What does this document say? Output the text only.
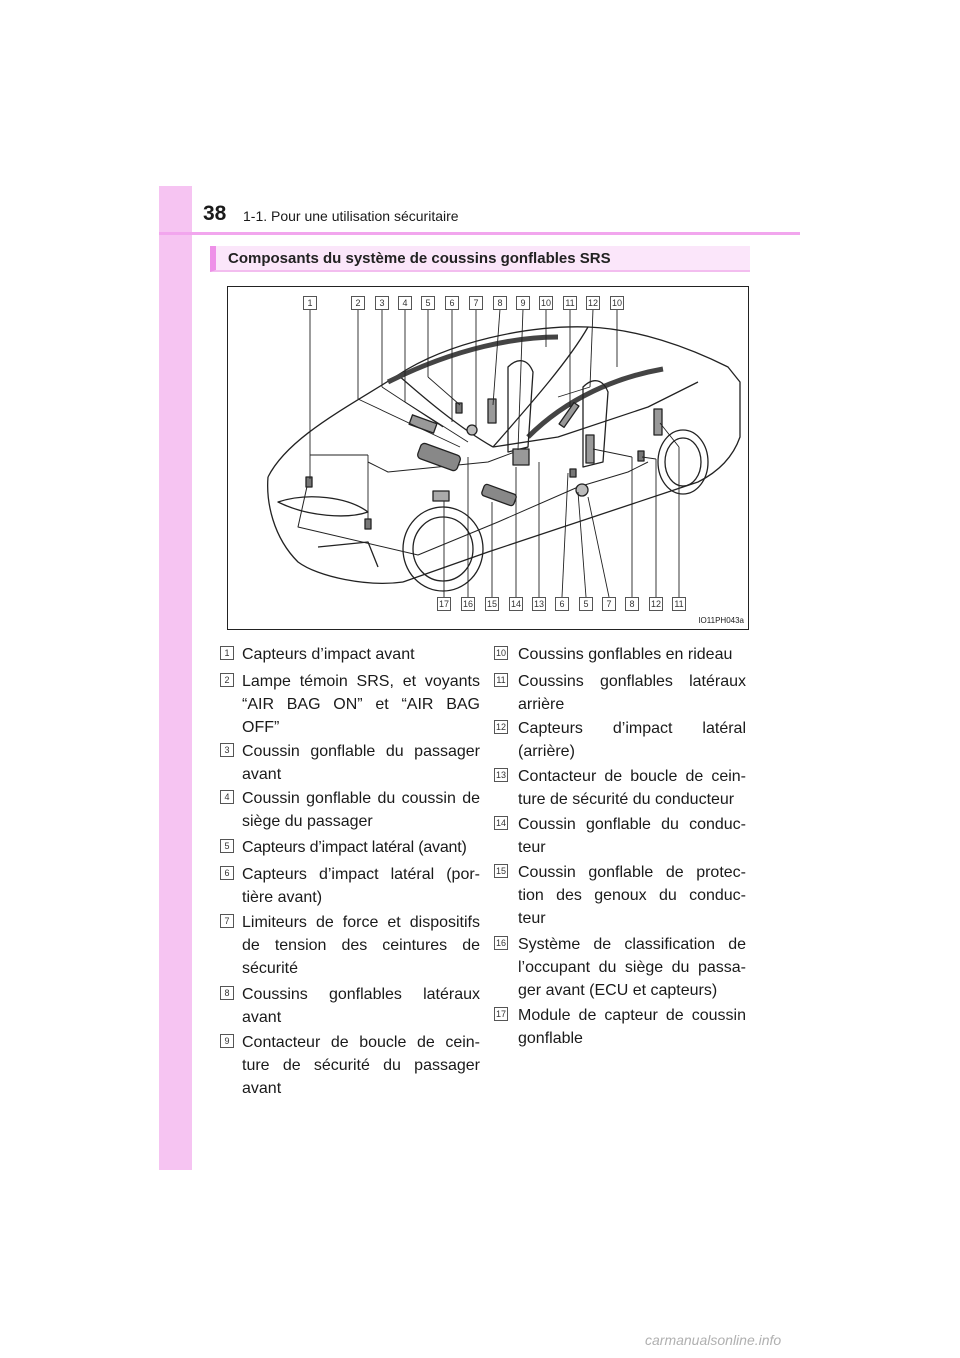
38 1-1. Pour une utilisation sécuritaire
Composants du système de coussins gonflables SRS
1	2	3	4	5	6	7	8	9	10 11 12 10
17 16 15 14 13	6	5	7	8	12 11
IO11PH043a
1 Capteurs d’impact avant
2 Lampe témoin SRS, et voyants “AIR BAG ON” et “AIR BAG OFF”
3 Coussin gonflable du passager avant
4 Coussin gonflable du coussin de siège du passager
5 Capteurs d’impact latéral (avant)
6 Capteurs d’impact latéral (por- tière avant)
7 Limiteurs de force et dispositifs de tension des ceintures de sécurité
8 Coussins gonflables latéraux avant
9 Contacteur de boucle de cein- ture de sécurité du passager avant
10 Coussins gonflables en rideau
11 Coussins gonflables latéraux arrière
12 Capteurs d’impact latéral (arrière)
13 Contacteur de boucle de cein- ture de sécurité du conducteur
14 Coussin gonflable du conduc- teur
15 Coussin gonflable de protec- tion des genoux du conduc- teur
16 Système de classification de l’occupant du siège du passa- ger avant (ECU et capteurs)
17 Module de capteur de coussin gonflable
carmanualsonline.info
